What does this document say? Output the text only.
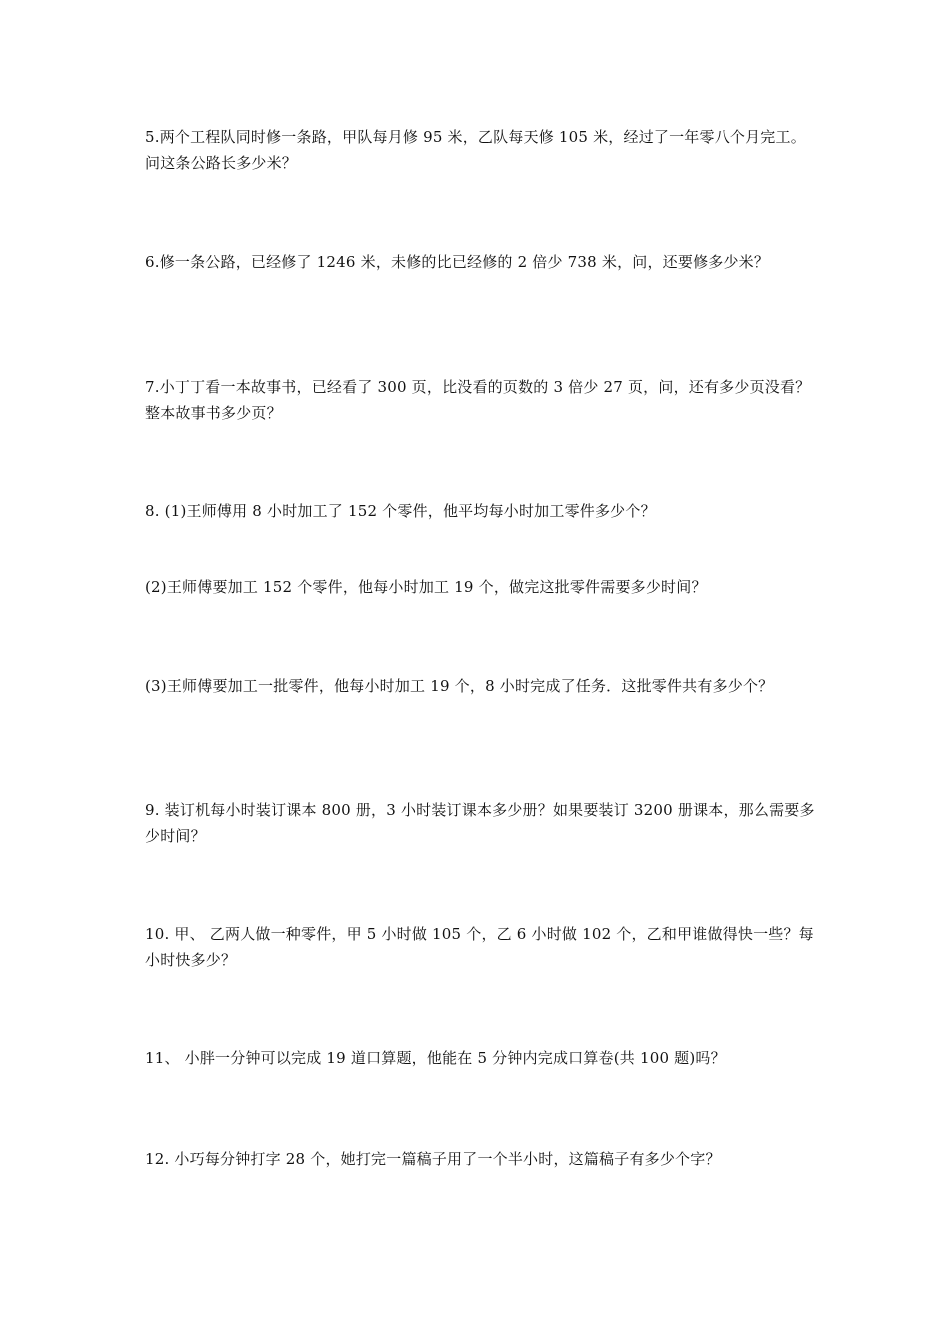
5.两个工程队同时修一条路，甲队每月修 95 米，乙队每天修 105 米，经过了一年零八个月完工。问这条公路长多少米？

6.修一条公路，已经修了 1246 米，未修的比已经修的 2 倍少 738 米，问，还要修多少米？

7.小丁丁看一本故事书，已经看了 300 页，比没看的页数的 3 倍少 27 页，问，还有多少页没看？整本故事书多少页？

8. (1)王师傅用 8 小时加工了 152 个零件，他平均每小时加工零件多少个？

(2)王师傅要加工 152 个零件，他每小时加工 19 个，做完这批零件需要多少时间？

(3)王师傅要加工一批零件，他每小时加工 19 个，8 小时完成了任务．这批零件共有多少个？

9. 装订机每小时装订课本 800 册，3 小时装订课本多少册？如果要装订 3200 册课本，那么需要多少时间？

10. 甲、 乙两人做一种零件，甲 5 小时做 105 个，乙 6 小时做 102 个，乙和甲谁做得快一些？每小时快多少？

11、 小胖一分钟可以完成 19 道口算题，他能在 5 分钟内完成口算卷(共 100 题)吗？

12. 小巧每分钟打字 28 个，她打完一篇稿子用了一个半小时，这篇稿子有多少个字？
